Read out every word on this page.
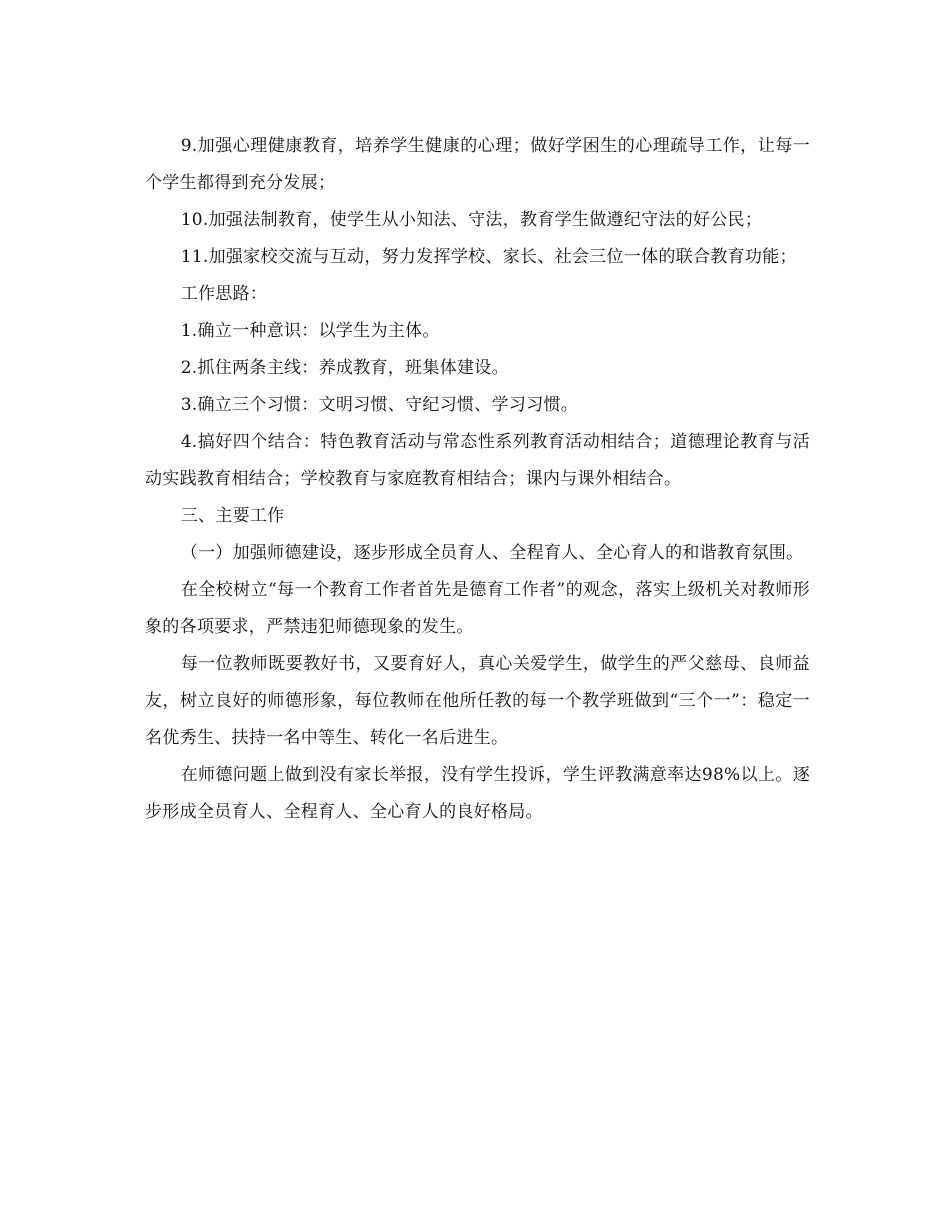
9.加强心理健康教育，培养学生健康的心理；做好学困生的心理疏导工作，让每一个学生都得到充分发展；

10.加强法制教育，使学生从小知法、守法，教育学生做遵纪守法的好公民；

11.加强家校交流与互动，努力发挥学校、家长、社会三位一体的联合教育功能；

工作思路：

1.确立一种意识：以学生为主体。

2.抓住两条主线：养成教育，班集体建设。

3.确立三个习惯：文明习惯、守纪习惯、学习习惯。

4.搞好四个结合：特色教育活动与常态性系列教育活动相结合；道德理论教育与活动实践教育相结合；学校教育与家庭教育相结合；课内与课外相结合。

三、主要工作

（一）加强师德建设，逐步形成全员育人、全程育人、全心育人的和谐教育氛围。

在全校树立“每一个教育工作者首先是德育工作者”的观念，落实上级机关对教师形象的各项要求，严禁违犯师德现象的发生。

每一位教师既要教好书，又要育好人，真心关爱学生，做学生的严父慈母、良师益友，树立良好的师德形象，每位教师在他所任教的每一个教学班做到“三个一”：稳定一名优秀生、扶持一名中等生、转化一名后进生。

在师德问题上做到没有家长举报，没有学生投诉，学生评教满意率达98%以上。逐步形成全员育人、全程育人、全心育人的良好格局。
